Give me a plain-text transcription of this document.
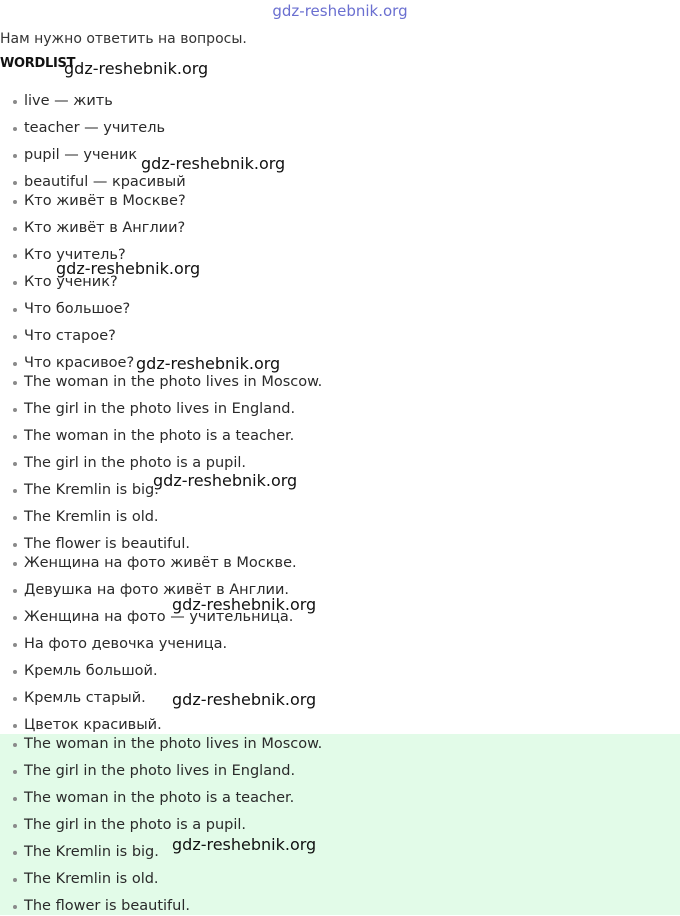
gdz-reshebnik.org
Нам нужно ответить на вопросы.
WORDLIST
live — жить
teacher — учитель
pupil — ученик
beautiful — красивый
Кто живёт в Москве?
Кто живёт в Англии?
Кто учитель?
Кто ученик?
Что большое?
Что старое?
Что красивое?
The woman in the photo lives in Moscow.
The girl in the photo lives in England.
The woman in the photo is a teacher.
The girl in the photo is a pupil.
The Kremlin is big.
The Kremlin is old.
The flower is beautiful.
Женщина на фото живёт в Москве.
Девушка на фото живёт в Англии.
Женщина на фото — учительница.
На фото девочка ученица.
Кремль большой.
Кремль старый.
Цветок красивый.
The woman in the photo lives in Moscow.
The girl in the photo lives in England.
The woman in the photo is a teacher.
The girl in the photo is a pupil.
The Kremlin is big.
The Kremlin is old.
The flower is beautiful.
gdz-reshebnik.org
gdz-reshebnik.org
gdz-reshebnik.org
gdz-reshebnik.org
gdz-reshebnik.org
gdz-reshebnik.org
gdz-reshebnik.org
gdz-reshebnik.org
